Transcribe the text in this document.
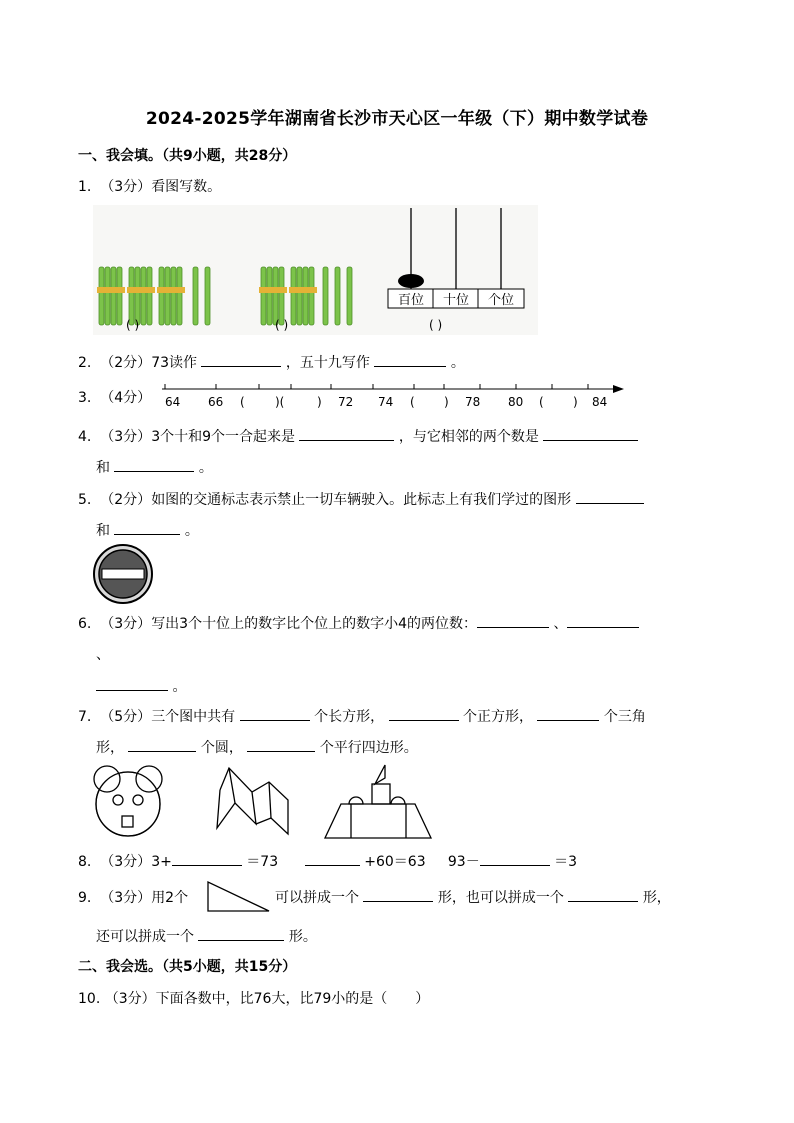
2024-2025学年湖南省长沙市天心区一年级（下）期中数学试卷
一、我会填。（共9小题，共28分）
1. （3分）看图写数。
( )	( )
百位 十位 个位
( )
2. （2分）73读作	，五十九写作	。
3. （4分） 64 66 (	)(	) 72 74 ( ) 78 80 ( ) 84
4. （3分）3个十和9个一合起来是	，与它相邻的两个数是
和	。
5. （2分）如图的交通标志表示禁止一切车辆驶入。此标志上有我们学过的图形
和	。
6. （3分）写出3个十位上的数字比个位上的数字小4的两位数：	、
、
。
7. （5分）三个图中共有	个长方形，	个正方形，	个三角
形，	个圆，	个平行四边形。
8. （3分）3+	＝73	+60＝63 93－	＝3
9. （3分）用2个	可以拼成一个	形，也可以拼成一个	形，
还可以拼成一个	形。
二、我会选。（共5小题，共15分）
10. （3分）下面各数中，比76大，比79小的是（　　）
